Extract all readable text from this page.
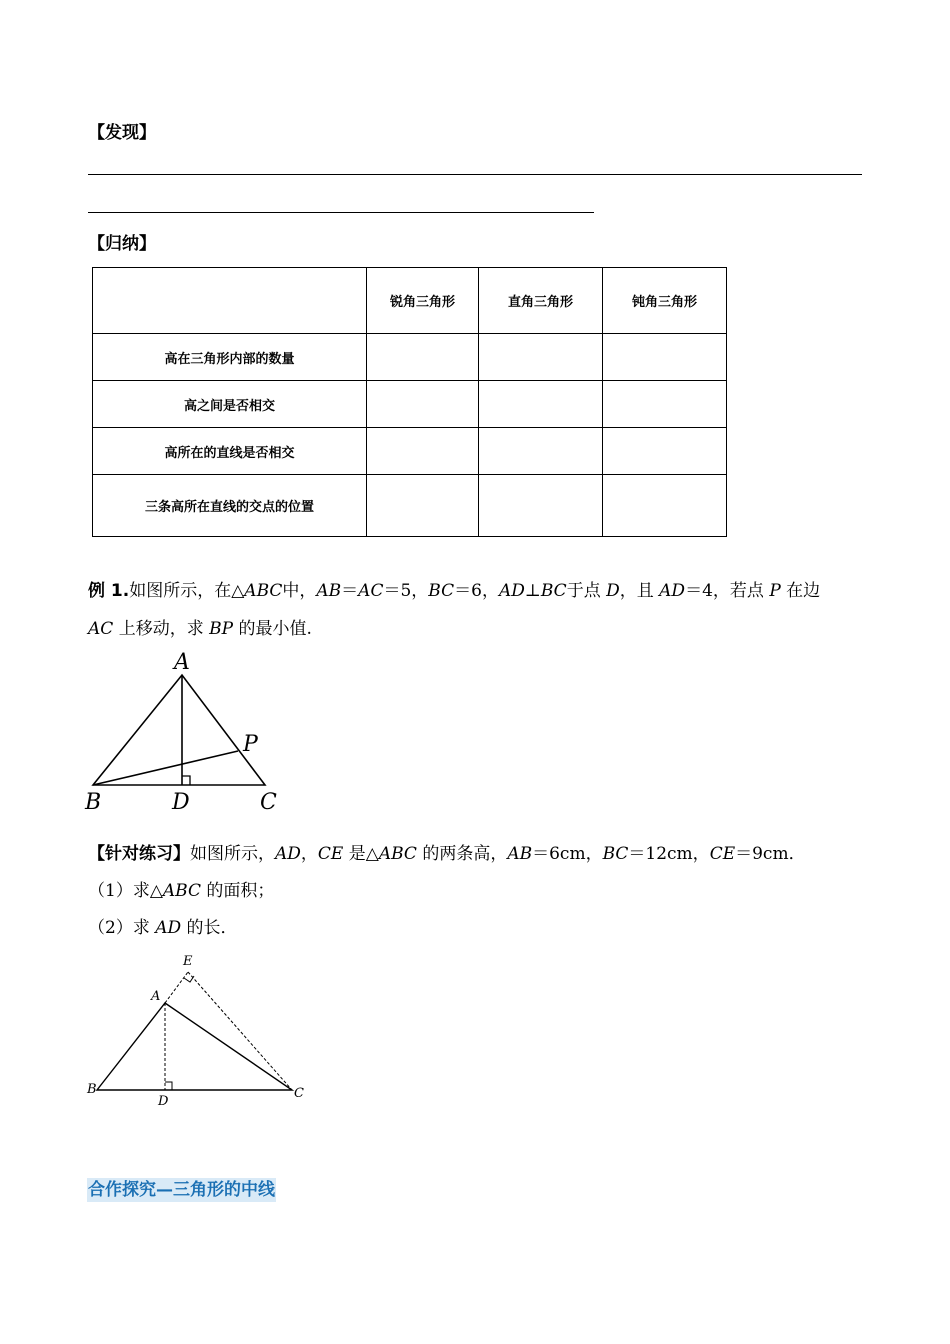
【发现】
【归纳】
	锐角三角形	直角三角形	钝角三角形
高在三角形内部的数量			
高之间是否相交			
高所在的直线是否相交			
三条高所在直线的交点的位置			
例 1.如图所示，在△ABC中，AB＝AC＝5，BC＝6，AD⊥BC于点 D，且 AD＝4，若点 P 在边
AC 上移动，求 BP 的最小值.
A
P
B	D	C
【针对练习】如图所示，AD，CE 是△ABC 的两条高，AB＝6cm，BC＝12cm，CE＝9cm．
（1）求△ABC 的面积；
（2）求 AD 的长．
E
A
B
D
C
合作探究—三角形的中线
